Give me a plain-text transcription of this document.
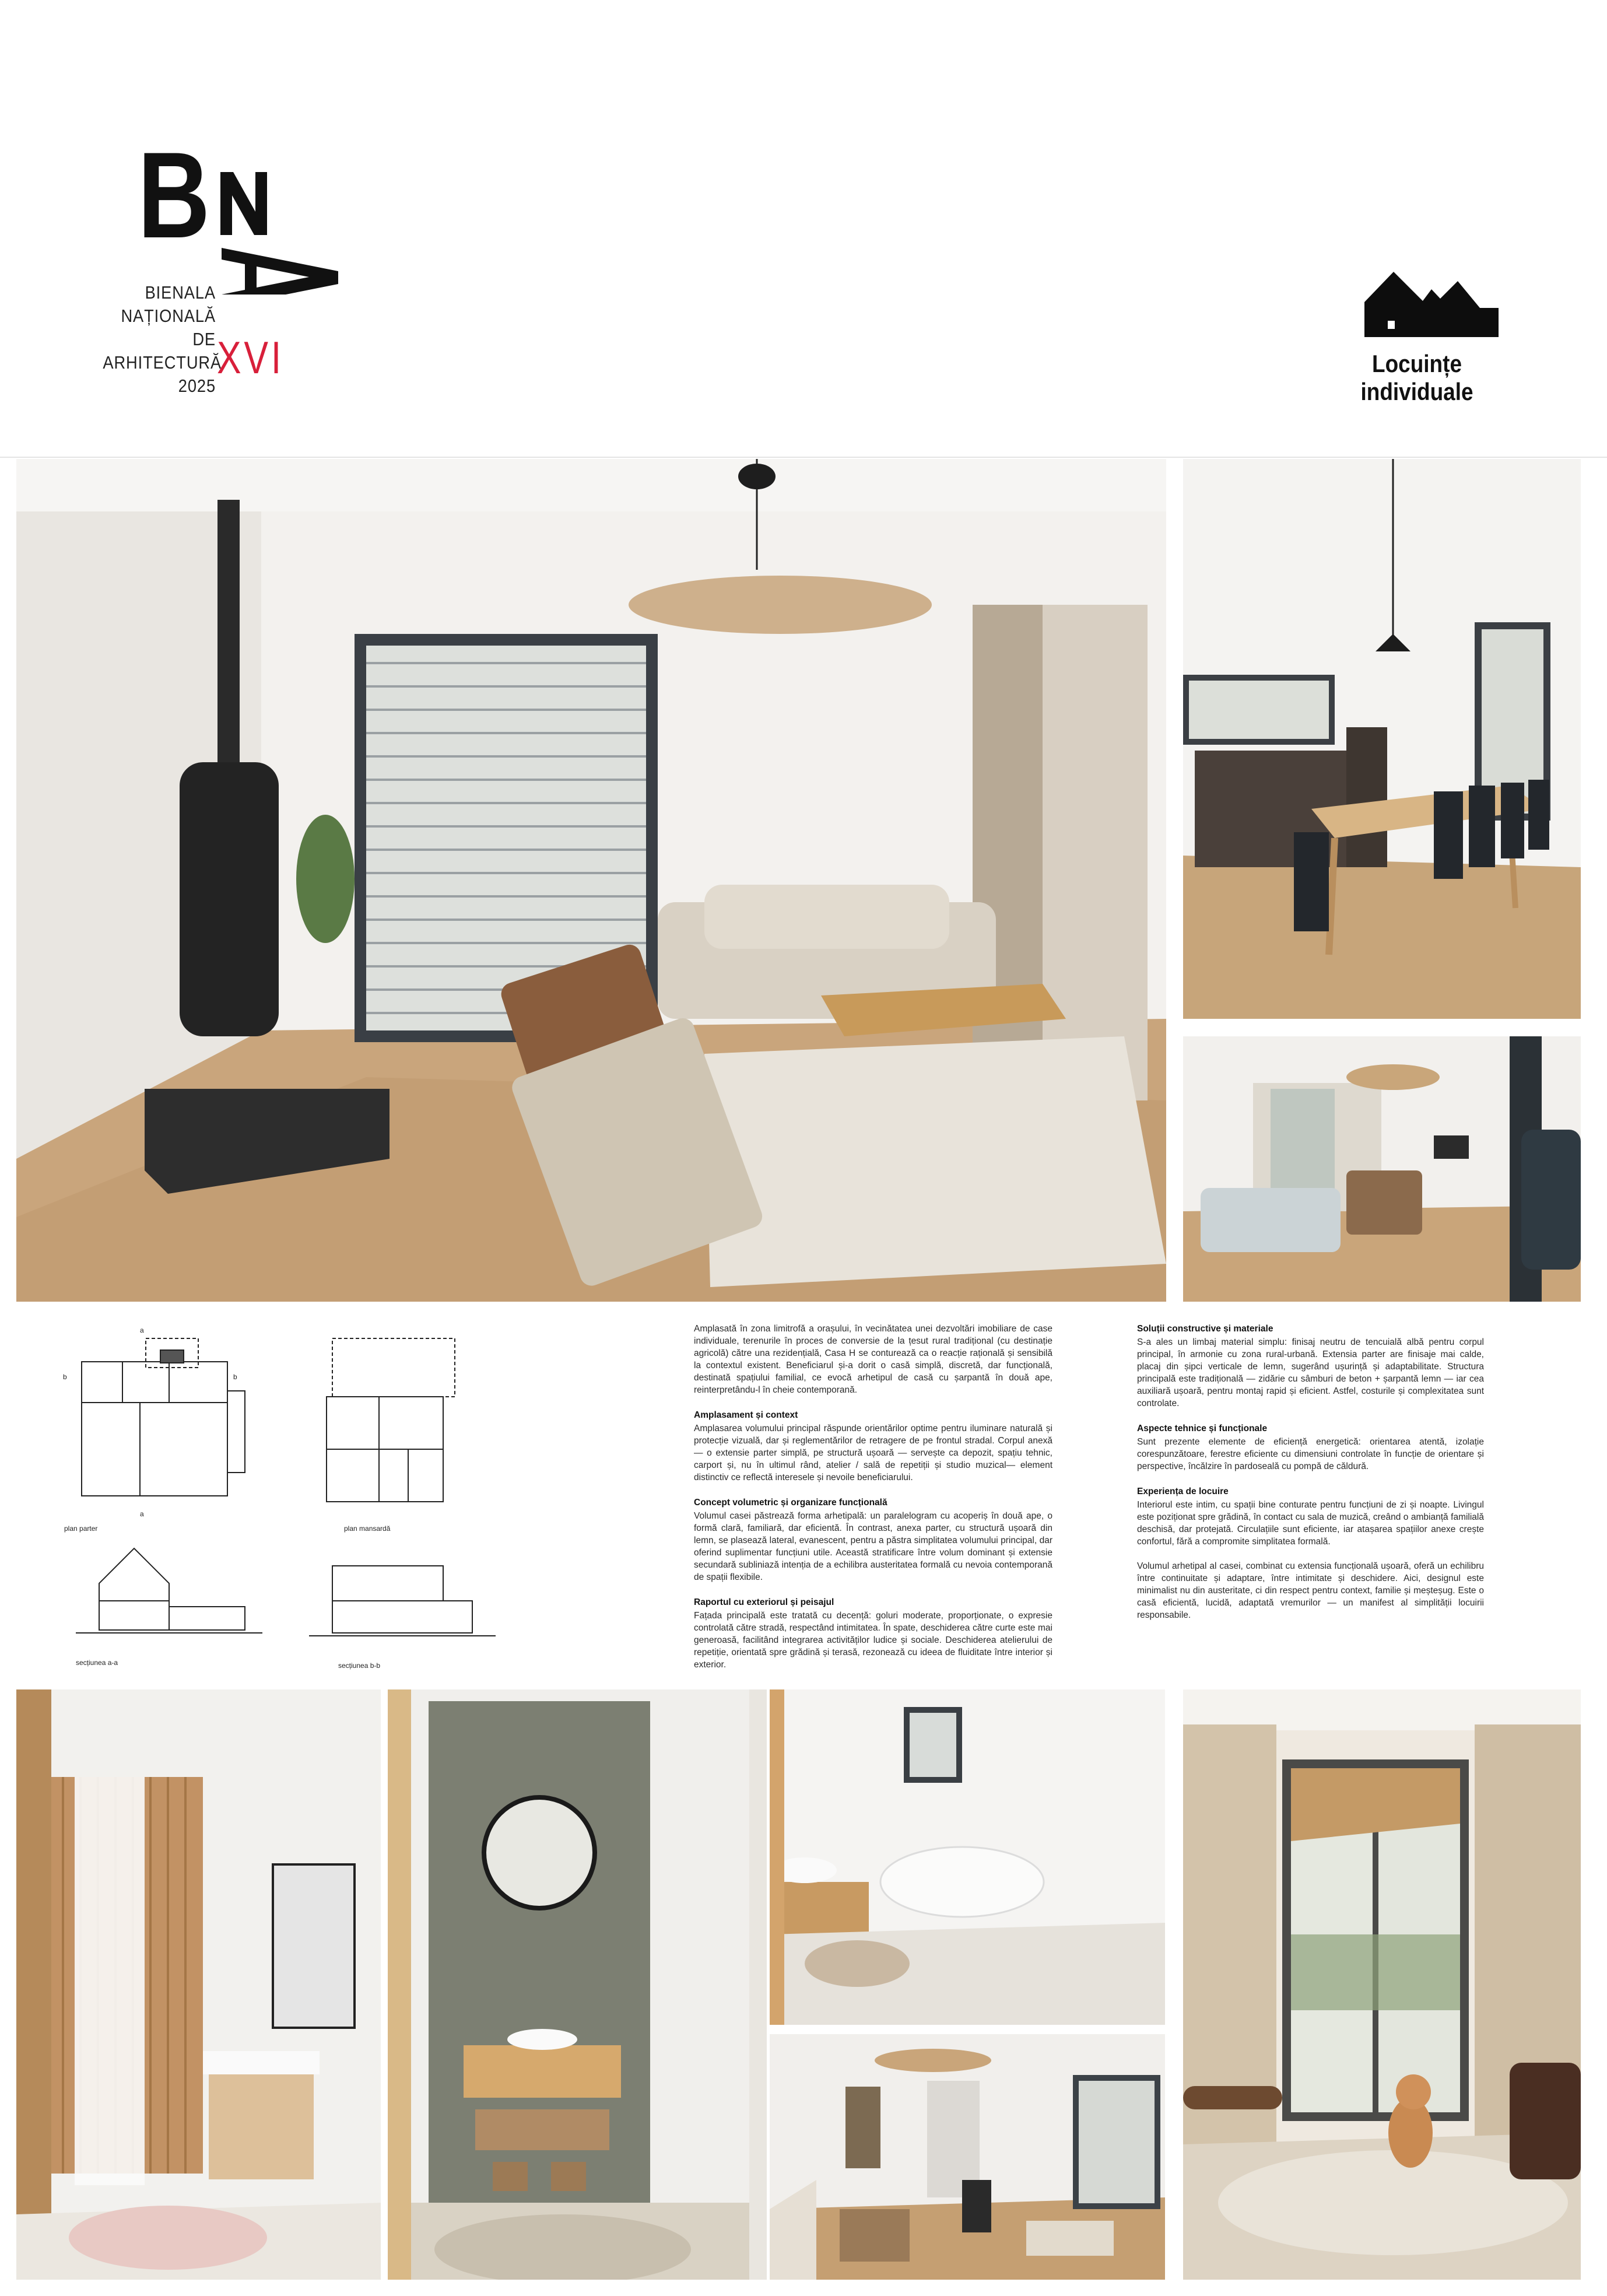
B
BIENALA
NAȚIONALĂ
DE
ARHITECTURĂ
2025
XVI	Locuințe individuale
a
a
b	b
plan parter	plan mansardă
secțiunea a-a	secțiunea b-b

Amplasată în zona limitrofă a orașului, în vecinătatea unei dezvoltări imobiliare de case individuale, terenurile în proces de conversie de la țesut rural tradițional (cu destinație agricolă) către una rezidențială, Casa H se conturează ca o reacție rațională și sensibilă la contextul existent. Beneficiarul și-a dorit o casă simplă, discretă, dar funcțională, destinată spațiului familial, ce evocă arhetipul de casă cu șarpantă în două ape, reinterpretându-l în cheie contemporană.

Amplasament și context

Amplasarea volumului principal răspunde orientărilor optime pentru iluminare naturală și protecție vizuală, dar și reglementărilor de retragere de pe frontul stradal. Corpul anexă — o extensie parter simplă, pe structură ușoară — servește ca depozit, spațiu tehnic, carport și, nu în ultimul rând, atelier / sală de repetiții și studio muzical— element distinctiv ce reflectă interesele și nevoile beneficiarului.

Concept volumetric și organizare funcțională

Volumul casei păstrează forma arhetipală: un paralelogram cu acoperiș în două ape, o formă clară, familiară, dar eficientă. În contrast, anexa parter, cu structură ușoară din lemn, se plasează lateral, evanescent, pentru a păstra simplitatea volumului principal, dar oferind suplimentar funcțiuni utile. Această stratificare între volum dominant și extensie secundară subliniază intenția de a echilibra austeritatea formală cu nevoia contemporană de spații flexibile.

Raportul cu exteriorul și peisajul

Fațada principală este tratată cu decență: goluri moderate, proporționate, o expresie controlată către stradă, respectând intimitatea. În spate, deschiderea către curte este mai generoasă, facilitând integrarea activităților ludice și sociale. Deschiderea atelierului de repetiție, orientată spre grădină și terasă, rezonează cu ideea de fluiditate între interior și exterior.

Soluții constructive și materiale

S-a ales un limbaj material simplu: finisaj neutru de tencuială albă pentru corpul principal, în armonie cu zona rural-urbană. Extensia parter are finisaje mai calde, placaj din șipci verticale de lemn, sugerând ușurință și adaptabilitate. Structura principală este tradițională — zidărie cu sâmburi de beton + șarpantă lemn — iar cea auxiliară ușoară, pentru montaj rapid și eficient. Astfel, costurile și complexitatea sunt controlate.

Aspecte tehnice și funcționale

Sunt prezente elemente de eficiență energetică: orientarea atentă, izolație corespunzătoare, ferestre eficiente cu dimensiuni controlate în funcție de orientare și perspective, încălzire în pardoseală cu pompă de căldură.

Experiența de locuire

Interiorul este intim, cu spații bine conturate pentru funcțiuni de zi și noapte. Livingul este poziționat spre grădină, în contact cu sala de muzică, creând o ambianță familială deschisă, dar protejată. Circulațiile sunt eficiente, iar atașarea spațiilor anexe crește confortul, fără a compromite simplitatea formală.

Volumul arhetipal al casei, combinat cu extensia funcțională ușoară, oferă un echilibru între continuitate și adaptare, între intimitate și deschidere. Aici, designul este minimalist nu din austeritate, ci din respect pentru context, familie și meșteșug. Este o casă eficientă, lucidă, adaptată vremurilor — un manifest al simplității locuirii responsabile.
